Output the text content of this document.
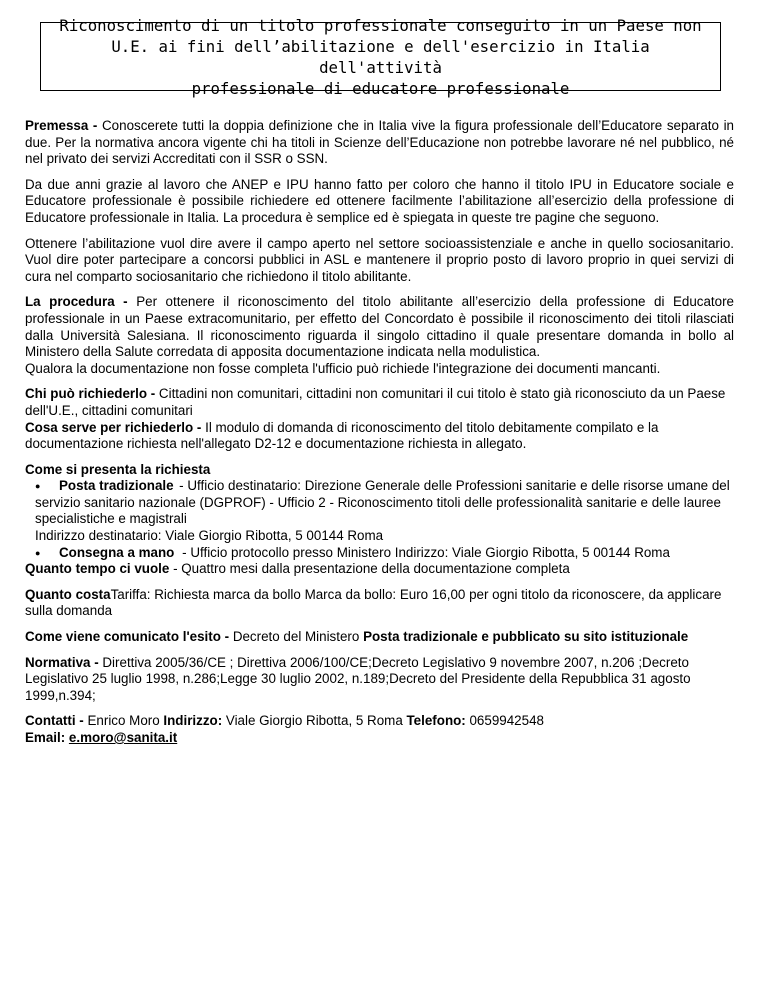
Riconoscimento di un titolo professionale conseguito in un Paese non
U.E. ai fini dell’abilitazione e dell'esercizio in Italia dell'attività
professionale di educatore professionale

Premessa - Conoscerete tutti la doppia definizione che in Italia vive la figura professionale dell’Educatore separato in due. Per la normativa ancora vigente chi ha titoli in Scienze dell’Educazione non potrebbe lavorare né nel pubblico, né nel privato dei servizi Accreditati con il SSR o SSN.

Da due anni grazie al lavoro che ANEP e IPU hanno fatto per coloro che hanno il titolo IPU in Educatore sociale e Educatore professionale è possibile richiedere ed ottenere facilmente l’abilitazione all’esercizio della professione di Educatore professionale in Italia. La procedura è semplice ed è spiegata in queste tre pagine che seguono.

Ottenere l’abilitazione vuol dire avere il campo aperto nel settore socioassistenziale e anche in quello sociosanitario. Vuol dire poter partecipare a concorsi pubblici in ASL e mantenere il proprio posto di lavoro proprio in quei servizi di cura nel comparto sociosanitario che richiedono il titolo abilitante.

La procedura - Per ottenere il riconoscimento del titolo abilitante all’esercizio della professione di Educatore professionale in un Paese extracomunitario, per effetto del Concordato è possibile il riconoscimento dei titoli rilasciati dalla Università Salesiana. Il riconoscimento riguarda il singolo cittadino il quale presentare domanda in bollo al Ministero della Salute corredata di apposita documentazione indicata nella modulistica.

Qualora la documentazione non fosse completa l'ufficio può richiede l'integrazione dei documenti mancanti.

Chi può richiederlo - Cittadini non comunitari, cittadini non comunitari il cui titolo è stato già riconosciuto da un Paese dell'U.E., cittadini comunitari

Cosa serve per richiederlo - Il modulo di domanda di riconoscimento del titolo debitamente compilato e la documentazione richiesta nell'allegato D2-12 e documentazione richiesta in allegato.

Come si presenta la richiesta
●	Posta tradizionale - Ufficio destinatario: Direzione Generale delle Professioni sanitarie e delle risorse umane del servizio sanitario nazionale (DGPROF) - Ufficio 2 - Riconoscimento titoli delle professionalità sanitarie e delle lauree specialistiche e magistrali
Indirizzo destinatario: Viale Giorgio Ribotta, 5 00144 Roma
●	Consegna a mano - Ufficio protocollo presso Ministero Indirizzo: Viale Giorgio Ribotta, 5 00144 Roma
Quanto tempo ci vuole - Quattro mesi dalla presentazione della documentazione completa

Quanto costaTariffa: Richiesta marca da bollo Marca da bollo: Euro 16,00 per ogni titolo da riconoscere, da applicare sulla domanda

Come viene comunicato l'esito - Decreto del Ministero Posta tradizionale e pubblicato su sito istituzionale

Normativa - Direttiva 2005/36/CE ; Direttiva 2006/100/CE;Decreto Legislativo 9 novembre 2007, n.206 ;Decreto Legislativo 25 luglio 1998, n.286;Legge 30 luglio 2002, n.189;Decreto del Presidente della Repubblica 31 agosto 1999,n.394;

Contatti - Enrico Moro Indirizzo: Viale Giorgio Ribotta, 5 Roma Telefono: 0659942548

Email: e.moro@sanita.it
